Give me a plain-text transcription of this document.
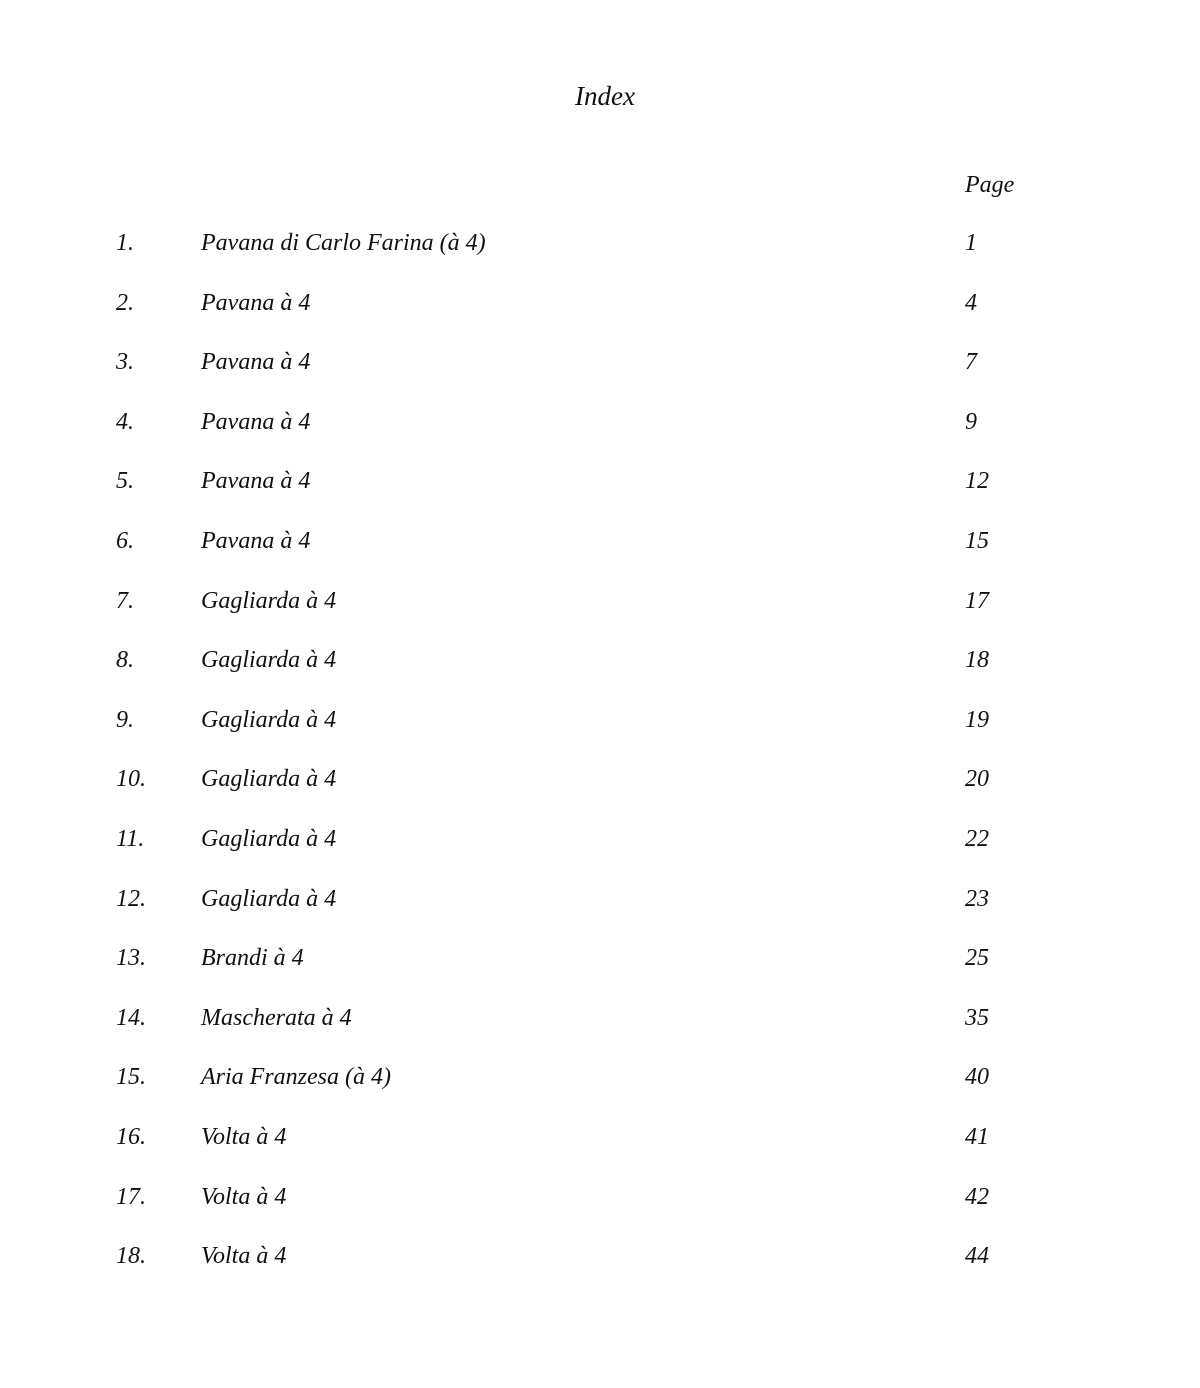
Index
Page
1.	Pavana di Carlo Farina (à 4)	1
2.	Pavana à 4	4
3.	Pavana à 4	7
4.	Pavana à 4	9
5.	Pavana à 4	12
6.	Pavana à 4	15
7.	Gagliarda à 4	17
8.	Gagliarda à 4	18
9.	Gagliarda à 4	19
10. Gagliarda à 4	20
11. Gagliarda à 4	22
12. Gagliarda à 4	23
13. Brandi à 4	25
14. Mascherata à 4	35
15. Aria Franzesa (à 4)	40
16. Volta à 4	41
17. Volta à 4	42
18. Volta à 4	44
